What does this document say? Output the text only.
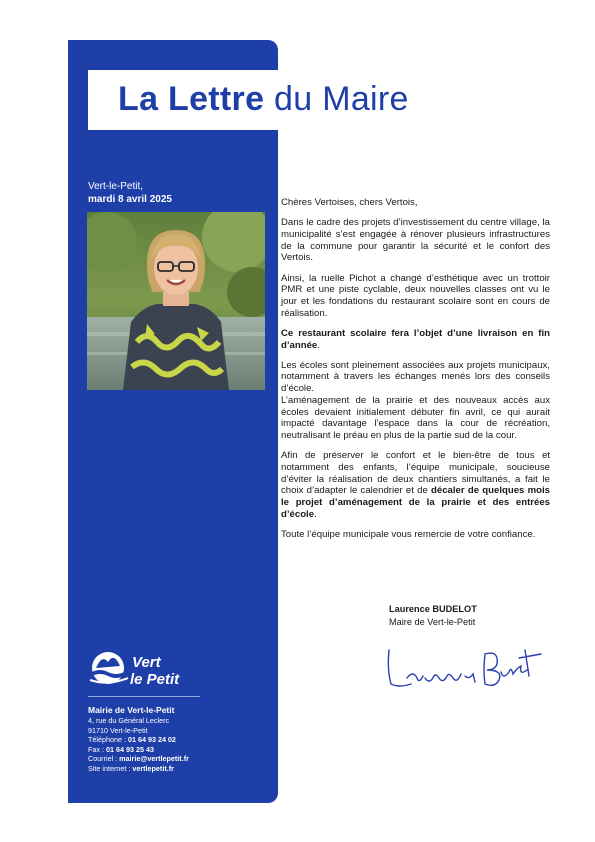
La Lettre du Maire
Vert-le-Petit,
mardi 8 avril 2025
Vert
le Petit
Mairie de Vert-le-Petit
4, rue du Général Leclerc
91710 Vert-le-Petit
Téléphone : 01 64 93 24 02
Fax : 01 64 93 25 43
Courriel : mairie@vertlepetit.fr
Site internet : vertlepetit.fr

Chères Vertoises, chers Vertois,

Dans le cadre des projets d’investissement du centre village, la municipalité s’est engagée à rénover plusieurs infrastructures de la commune pour garantir la sécurité et le confort des Vertois.

Ainsi, la ruelle Pichot a changé d’esthétique avec un trottoir PMR et une piste cyclable, deux nouvelles classes ont vu le jour et les fondations du restaurant scolaire sont en cours de réalisation.

Ce restaurant scolaire fera l’objet d’une livraison en fin d’année.

Les écoles sont pleinement associées aux projets municipaux, notamment à travers les échanges menés lors des conseils d’école.

L’aménagement de la prairie et des nouveaux accès aux écoles devaient initialement débuter fin avril, ce qui aurait impacté davantage l’espace dans la cour de récréation, neutralisant le préau en plus de la partie sud de la cour.

Afin de préserver le confort et le bien-être de tous et notamment des enfants, l’équipe municipale, soucieuse d’éviter la réalisation de deux chantiers simultanés, a fait le choix d’adapter le calendrier et de décaler de quelques mois le projet d’aménagement de la prairie et des entrées d’école.

Toute l’équipe municipale vous remercie de votre confiance.

Laurence BUDELOT
Maire de Vert-le-Petit
